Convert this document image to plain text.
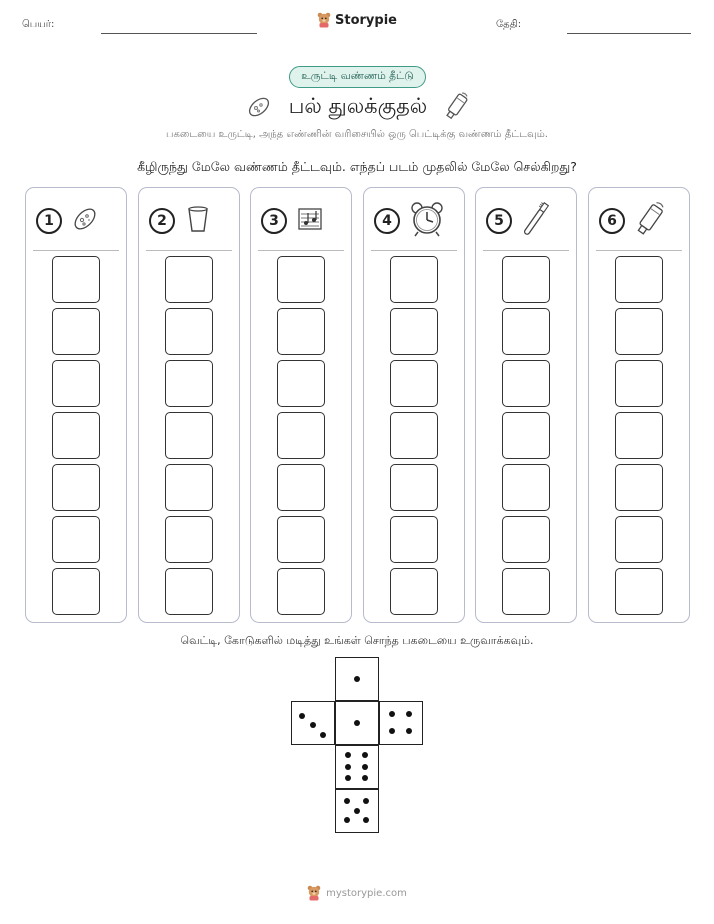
பெயர்:	Storypie	தேதி:
உருட்டி வண்ணம் தீட்டு
பல் துலக்குதல்
பகடையை உருட்டி, அந்த எண்ணின் வரிசையில் ஒரு பெட்டிக்கு வண்ணம் தீட்டவும்.
கீழிருந்து மேலே வண்ணம் தீட்டவும். எந்தப் படம் முதலில் மேலே செல்கிறது?
1	2	3	4	5	6
வெட்டி, கோடுகளில் மடித்து உங்கள் சொந்த பகடையை உருவாக்கவும்.
mystorypie.com
